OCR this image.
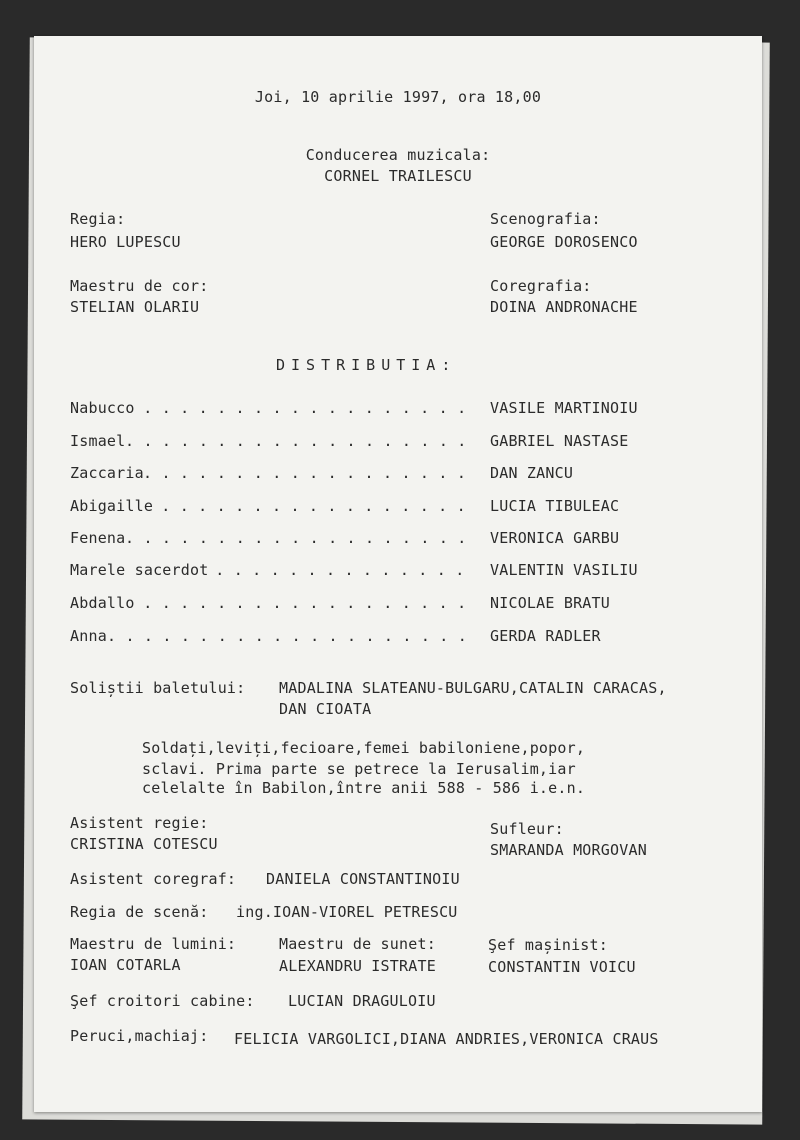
Joi, 10 aprilie 1997, ora 18,00
Conducerea muzicala:
CORNEL TRAILESCU
Regia:
HERO LUPESCU
Scenografia:
GEORGE DOROSENCO
Maestru de cor:
STELIAN OLARIU
Coregrafia:
DOINA ANDRONACHE
DISTRIBUTIA:
Nabucco . . . . . . . . . . . . . . . . . . VASILE MARTINOIU
Ismael . . . . . . . . . . . . . . . . . . . GABRIEL NASTASE
Zaccaria . . . . . . . . . . . . . . . . . . DAN ZANCU
Abigaille
. . . . . . . . . . . . . . . . . LUCIA TIBULEAC
Fenena . . . . . . . . . . . . . . . . . . . VERONICA GARBU
Marele sacerdot
. . . . . . . . . . . . . . VALENTIN VASILIU
Abdallo . . . . . . . . . . . . . . . . . . NICOLAE BRATU
Anna . . . . . . . . . . . . . . . . . . . . GERDA RADLER
Soliștii baletului: MADALINA SLATEANU-BULGARU,CATALIN CARACAS,
DAN CIOATA
Soldați,leviți,fecioare,femei babiloniene,popor,
sclavi. Prima parte se petrece la Ierusalim,iar
celelalte în Babilon,între anii 588 - 586 i.e.n.
Asistent regie:
CRISTINA COTESCU
Sufleur:
SMARANDA MORGOVAN
Asistent coregraf: DANIELA CONSTANTINOIU
Regia de scenă: ing.IOAN-VIOREL PETRESCU
Maestru de lumini:
IOAN COTARLA
Maestru de sunet:
ALEXANDRU ISTRATE
Şef mașinist:
CONSTANTIN VOICU
Şef croitori cabine: LUCIAN DRAGULOIU
Peruci,machiaj: FELICIA VARGOLICI,DIANA ANDRIES,VERONICA CRAUS
